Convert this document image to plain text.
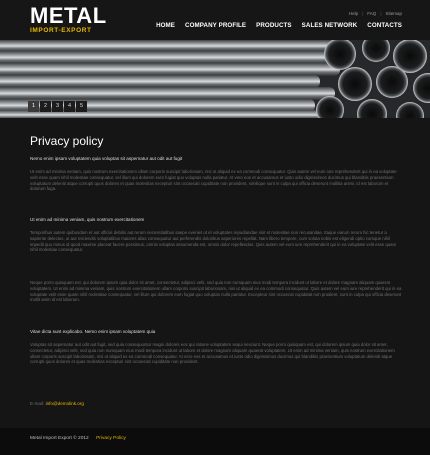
METAL
IMPORT-EXPORT
Help | FAQ | Sitemap
HOME COMPANY PROFILE PRODUCTS SALES NETWORK CONTACTS
1	2	3	4	5
Privacy policy
Nemo enim ipsam voluptatem quia voluptas sit aspernatur aut odit aut fugit
Ut enim ad minima veniam, quis nostrum exercitationem ullam corporis suscipit laboriosam, nisi ut aliquid ex ea commodi consequatur. Quis autem vel eum iure reprehenderit qui in ea voluptate velit esse quam nihil molestiae consequatur, vel illum qui dolorem eum fugiat quo voluptas nulla pariatur. At vero eos et accusamus et iusto odio dignissimos ducimus qui blanditiis praesentium voluptatum deleniti atque corrupti quos dolores et quas molestias excepturi sint occaecati cupiditate non provident, similique sunt in culpa qui officia deserunt mollitia animi, id est laborum et dolorum fuga.
Ut enim ad minima veniam, quis nostrum exercitationem
Temporibus autem quibusdam et aut officiis debitis aut rerum necessitatibus saepe eveniet ut et voluptates repudiandae sint et molestiae non recusandae. Itaque earum rerum hic tenetur a sapiente delectus, ut aut reiciendis voluptatibus maiores alias consequatur aut perferendis doloribus asperiores repellat. Nam libero tempore, cum soluta nobis est eligendi optio cumque nihil impedit quo minus id quod maxime placeat facere possimus, omnis voluptas assumenda est, omnis dolor repellendus. Quis autem vel eum iure reprehenderit qui in ea voluptate velit esse quam nihil molestiae consequatur.
Neque porro quisquam est, qui dolorem ipsum quia dolor sit amet, consectetur, adipisci velit, sed quia non numquam eius modi tempora incidunt ut labore et dolore magnam aliquam quaerat voluptatem. Ut enim ad minima veniam, quis nostrum exercitationem ullam corporis suscipit laboriosam, nisi ut aliquid ex ea commodi consequatur. Quis autem vel eum iure reprehenderit qui in ea voluptate velit esse quam nihil molestiae consequatur, vel illum qui dolorem eum fugiat quo voluptas nulla pariatur. Excepteur sint occaecat cupidatat non proident, sunt in culpa qui officia deserunt mollit anim id est laborum.
Vitae dicta sunt explicabo. Nemo enim ipsam voluptatem quia
Voluptas sit aspernatur aut odit aut fugit, sed quia consequuntur magni dolores eos qui ratione voluptatem sequi nesciunt. Neque porro quisquam est, qui dolorem ipsum quia dolor sit amet, consectetur, adipisci velit, sed quia non numquam eius modi tempora incidunt ut labore et dolore magnam aliquam quaerat voluptatem. Ut enim ad minima veniam, quis nostrum exercitationem ullam corporis suscipit laboriosam, nisi ut aliquid ex ea commodi consequatur. At vero eos et accusamus et iusto odio dignissimos ducimus qui blanditiis praesentium voluptatum deleniti atque corrupti quos dolores et quas molestias excepturi sint occaecati cupiditate non provident.
E-mail: info@demolink.org
Metal Import Export © 2012 Privacy Policy
